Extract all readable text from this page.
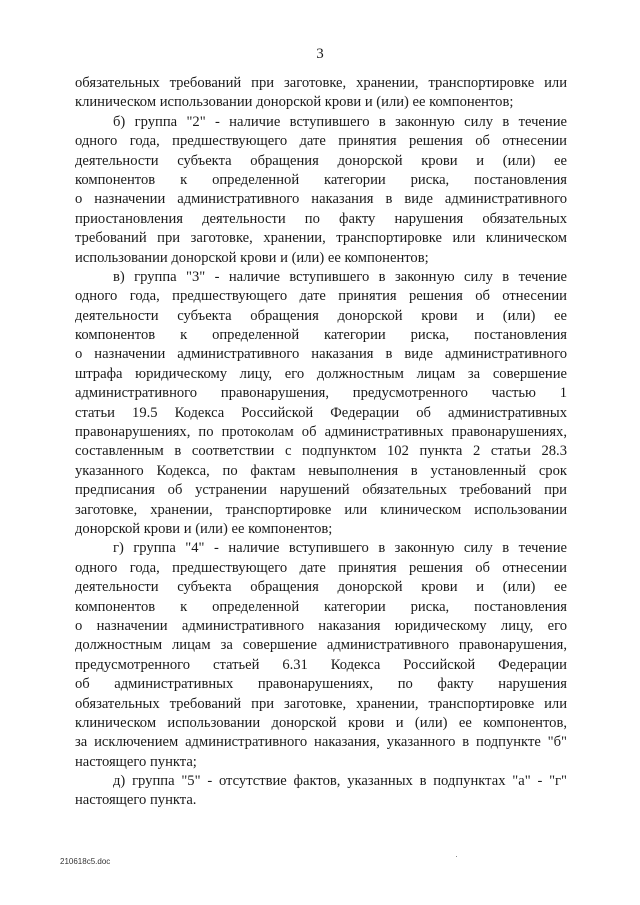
3
обязательных требований при заготовке, хранении, транспортировке или
клиническом использовании донорской крови и (или) ее компонентов;
б) группа "2" - наличие вступившего в законную силу в течение
одного года, предшествующего дате принятия решения об отнесении
деятельности субъекта обращения донорской крови и (или) ее
компонентов к определенной категории риска, постановления
о назначении административного наказания в виде административного
приостановления деятельности по факту нарушения обязательных
требований при заготовке, хранении, транспортировке или клиническом
использовании донорской крови и (или) ее компонентов;
в) группа "3" - наличие вступившего в законную силу в течение
одного года, предшествующего дате принятия решения об отнесении
деятельности субъекта обращения донорской крови и (или) ее
компонентов к определенной категории риска, постановления
о назначении административного наказания в виде административного
штрафа юридическому лицу, его должностным лицам за совершение
административного правонарушения, предусмотренного частью 1
статьи 19.5 Кодекса Российской Федерации об административных
правонарушениях, по протоколам об административных правонарушениях,
составленным в соответствии с подпунктом 102 пункта 2 статьи 28.3
указанного Кодекса, по фактам невыполнения в установленный срок
предписания об устранении нарушений обязательных требований при
заготовке, хранении, транспортировке или клиническом использовании
донорской крови и (или) ее компонентов;
г) группа "4" - наличие вступившего в законную силу в течение
одного года, предшествующего дате принятия решения об отнесении
деятельности субъекта обращения донорской крови и (или) ее
компонентов к определенной категории риска, постановления
о назначении административного наказания юридическому лицу, его
должностным лицам за совершение административного правонарушения,
предусмотренного статьей 6.31 Кодекса Российской Федерации
об административных правонарушениях, по факту нарушения
обязательных требований при заготовке, хранении, транспортировке или
клиническом использовании донорской крови и (или) ее компонентов,
за исключением административного наказания, указанного в подпункте "б"
настоящего пункта;
д) группа "5" - отсутствие фактов, указанных в подпунктах "а" - "г"
настоящего пункта.
210618c5.doc
